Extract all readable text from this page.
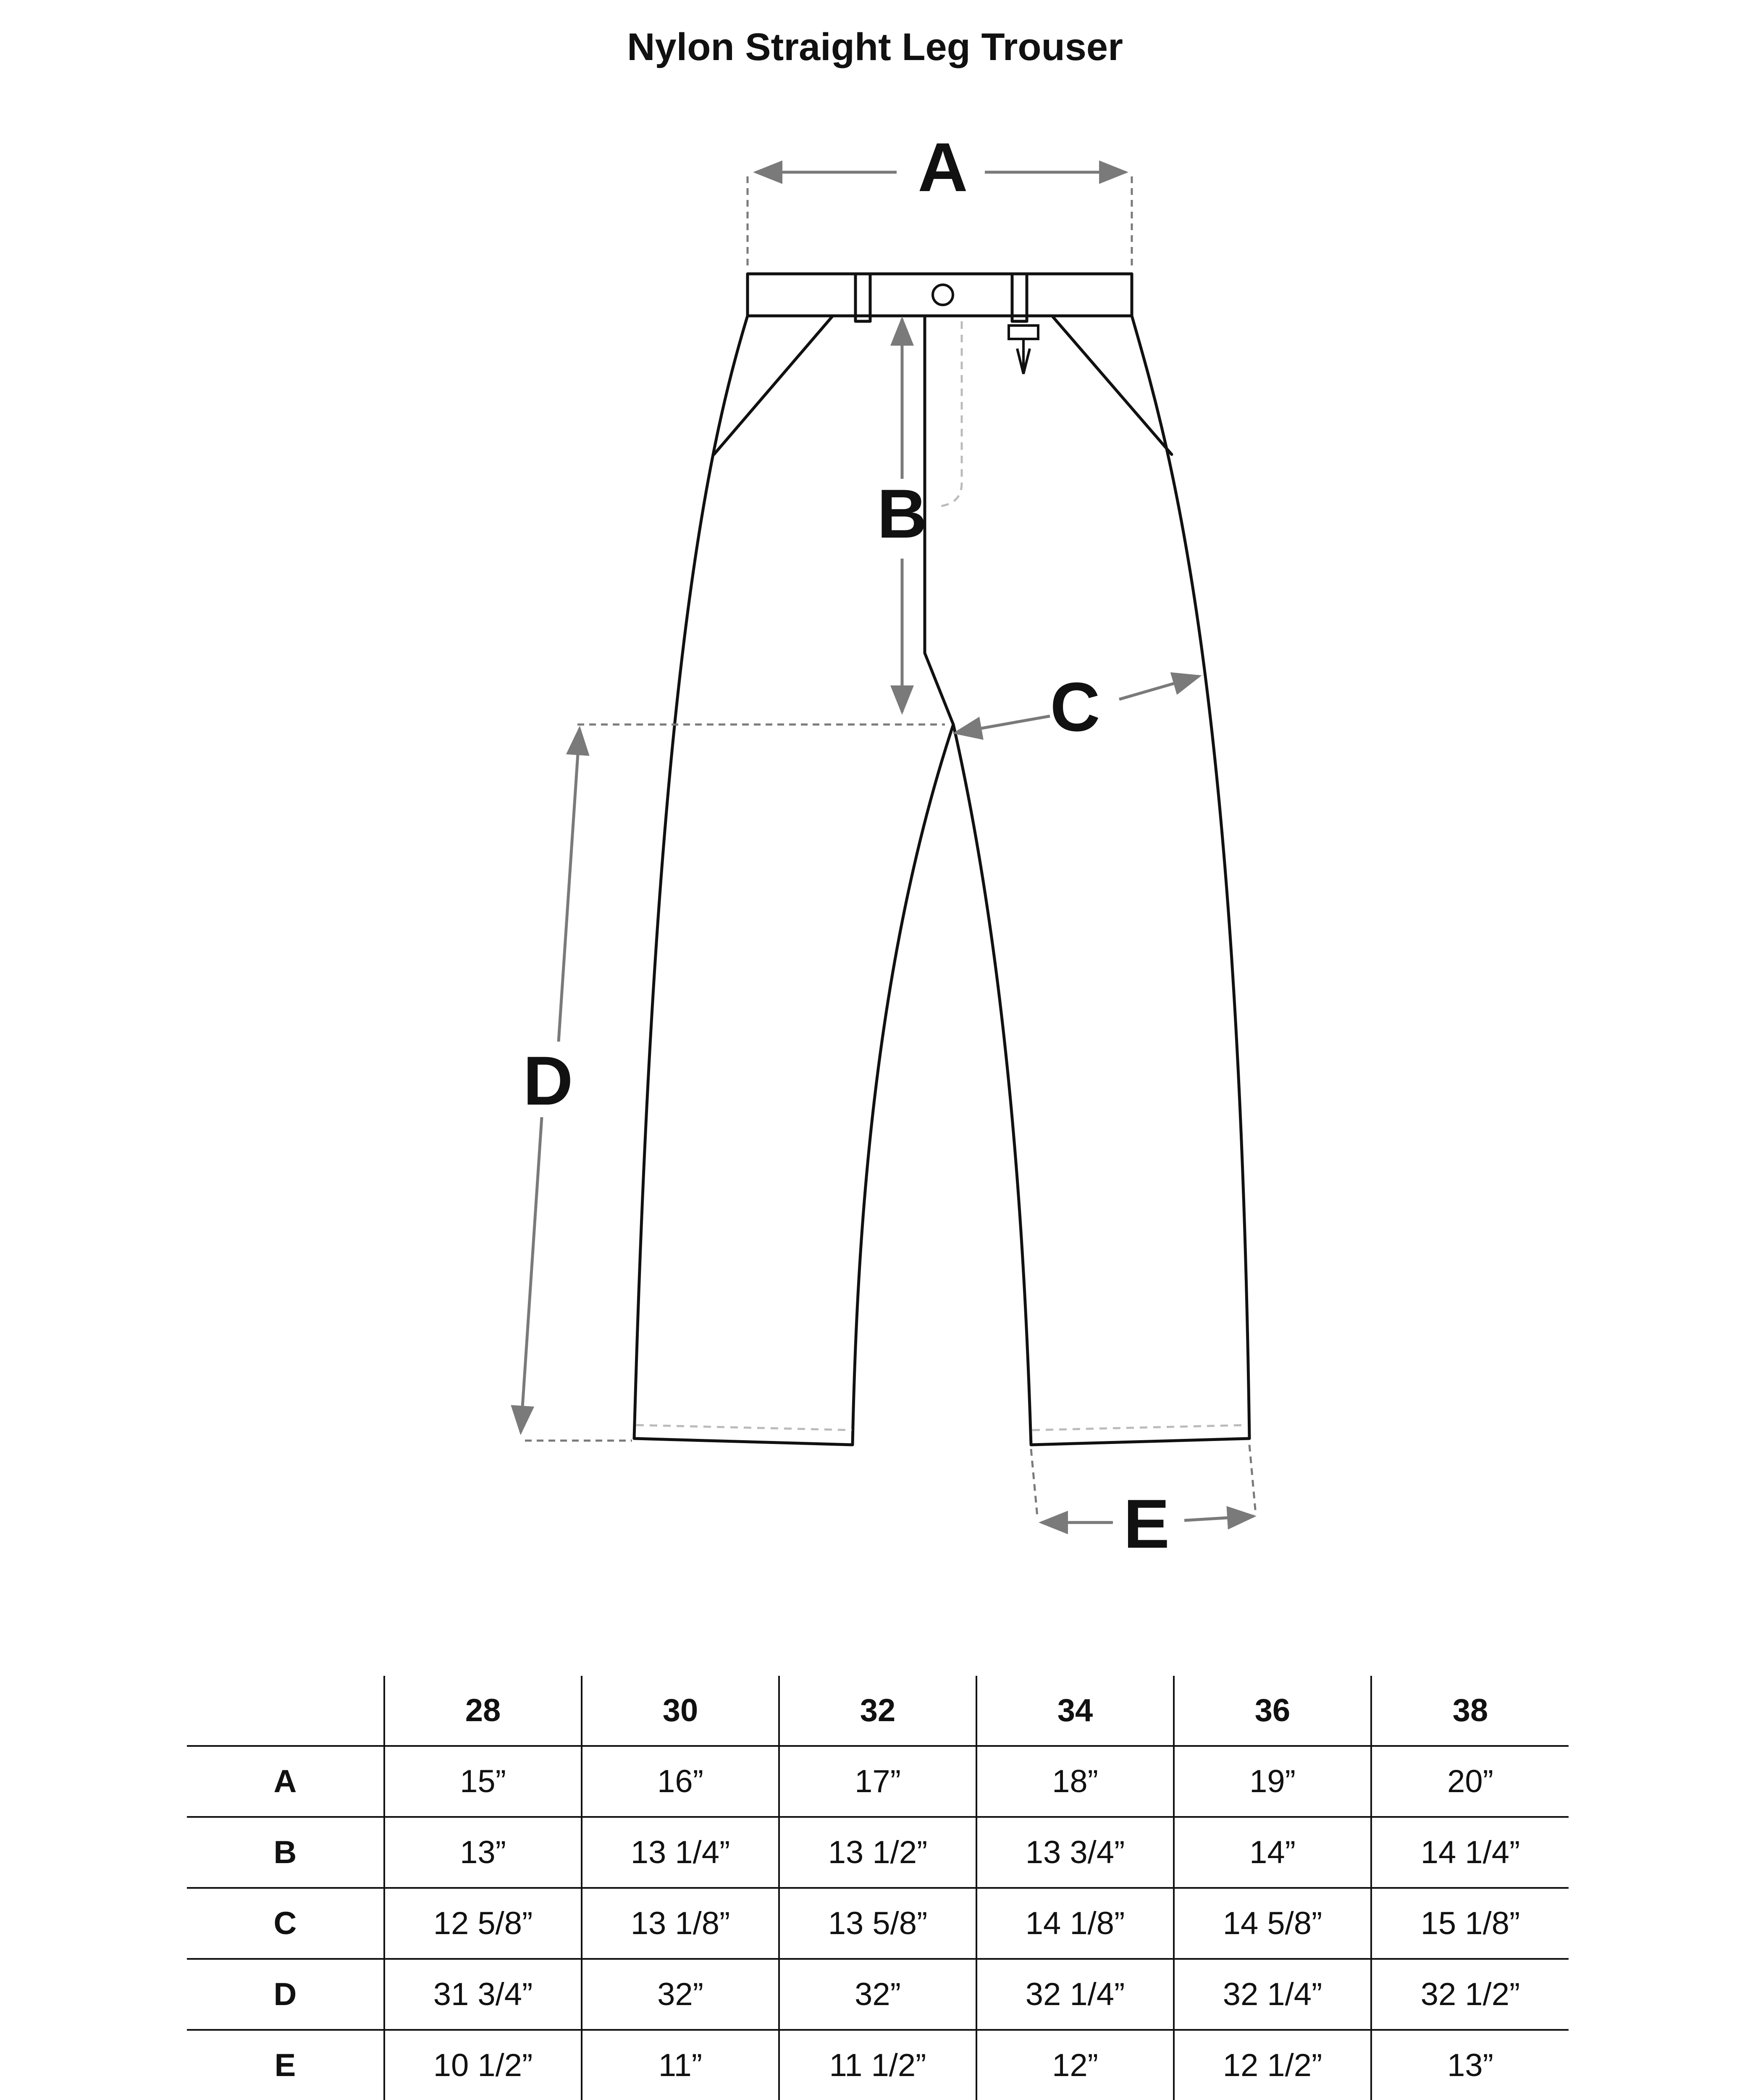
Nylon Straight Leg Trouser
A
B
C
D
E
	28	30	32	34	36	38
A	15”	16”	17”	18”	19”	20”
B	13”	13 1/4”	13 1/2”	13 3/4”	14”	14 1/4”
C	12 5/8”	13 1/8”	13 5/8”	14 1/8”	14 5/8”	15 1/8”
D	31 3/4”	32”	32”	32 1/4”	32 1/4”	32 1/2”
E	10 1/2”	11”	11 1/2”	12”	12 1/2”	13”
